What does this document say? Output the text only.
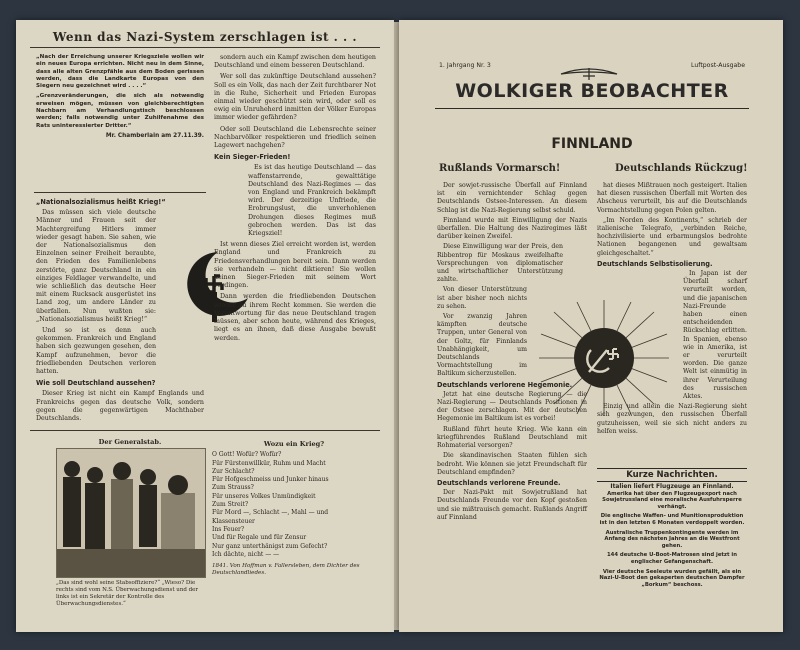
Wenn das Nazi-System zerschlagen ist . . .

„Nach der Erreichung unserer Kriegsziele wollen wir ein neues Europa errichten. Nicht neu in dem Sinne, dass alle alten Grenzpfähle aus dem Boden gerissen werden, dass die Landkarte Europas von den Siegern neu gezeichnet wird . . . .“

„Grenzveränderungen, die sich als notwendig erweisen mögen, müssen von gleichberechtigten Nachbarn am Verhandlungstisch beschlossen werden; falls notwendig unter Zuhilfenahme des Rats uninteressierter Dritter.“

Mr. Chamberlain am 27.11.39.

„Nationalsozialismus heißt Krieg!“

Das müssen sich viele deutsche Männer und Frauen seit der Machtergreifung Hitlers immer wieder gesagt haben. Sie sahen, wie der Nationalsozialismus den Einzelnen seiner Freiheit beraubte, den Frieden des Familienlebens zerstörte, ganz Deutschland in ein einziges Feldlager verwandelte, und wie schließlich das deutsche Heer mit einem Rucksack ausgerüstet ins Land zog, um andere Länder zu überfallen. Nun wußten sie: „Nationalsozialismus heißt Krieg!“

Und so ist es denn auch gekommen. Frankreich und England haben sich gezwungen gesehen, den Kampf aufzunehmen, bevor die friedliebenden Deutschen verloren hatten.

Wie soll Deutschland aussehen?

Dieser Krieg ist nicht ein Kampf Englands und Frankreichs gegen das deutsche Volk, sondern gegen die gegenwärtigen Machthaber Deutschlands.

sondern auch ein Kampf zwischen dem heutigen Deutschland und einem besseren Deutschland.

Wer soll das zukünftige Deutschland aussehen? Soll es ein Volk, das nach der Zeit furchtbarer Not in die Ruhe, Sicherheit und Frieden Europas einmal wieder geschützt sein wird, oder soll es ewig ein Unruheherd inmitten der Völker Europas immer wieder gefährden?

Oder soll Deutschland die Lebensrechte seiner Nachbarvölker respektieren und friedlich seinen Lagewert nachgehen?

Kein Sieger-Frieden!

Es ist das heutige Deutschland — das waffenstarrende, gewalttätige Deutschland des Nazi-Regimes — das von England und Frankreich bekämpft wird. Der derzeitige Unfriede, die Erobrungslust, die unverhohlenen Drohungen dieses Regimes muß gebrochen werden. Das ist das Kriegsziel!

Ist wenn dieses Ziel erreicht worden ist, werden England und Frankreich zu Friedensverhandlungen bereit sein. Dann werden sie verhandeln — nicht diktieren! Sie wollen keinen Sieger-Frieden mit seinem Wort verdingen.

Dann werden die friedliebenden Deutschen wieder zu ihrem Recht kommen. Sie werden die Verantwortung für das neue Deutschland tragen müssen, aber schon heute, während des Krieges, liegt es an ihnen, daß diese Ausgabe bewußt werden.

Der Generalstab.
„Das sind wohl seine Stabsoffiziere?“ „Wieso? Die rechts sind vom N.S. Überwachungsdienst und der links ist ein Sekretär der Kontrolle des Überwachungsdienstes.“
Wozu ein Krieg?
O Gott! Wofür? Wofür?
Für Fürstenwillkür, Ruhm und Macht
Zur Schlacht?
Für Hofgeschmeiss und Junker hinaus
Zum Strauss?
Für unseres Volkes Unmündigkeit
Zum Streit?
Für Mord —, Schlacht —, Mahl — und
Klassensteuer
Ins Feuer?
Und für Regale und für Zensur
Nur ganz unterthänigst zum Gefecht?
Ich dächte, nicht — —
1841. Von Hoffman v. Fallersleben, dem Dichter des Deutschlandliedes.
1. Jahrgang Nr. 3	Luftpost-Ausgabe
WOLKIGER BEOBACHTER
FINNLAND
Rußlands Vormarsch!	Deutschlands Rückzug!

Der sowjet-russische Überfall auf Finnland ist ein vernichtender Schlag gegen Deutschlands Ostsee-Interessen. An diesem Schlag ist die Nazi-Regierung selbst schuld.

Finnland wurde mit Einwilligung der Nazis überfallen. Die Haltung des Naziregimes läßt darüber keinen Zweifel.

Diese Einwilligung war der Preis, den Ribbentrop für Moskaus zweifelhafte Versprechungen von diplomatischer und wirtschaftlicher Unterstützung zahlte.

Von dieser Unterstützung ist aber bisher noch nichts zu sehen.

Vor zwanzig Jahren kämpften deutsche Truppen, unter General von der Goltz, für Finnlands Unabhängigkeit, um Deutschlands Vormachtstellung im Baltikum sicherzustellen.

Deutschlands verlorene Hegemonie.

Jetzt hat eine deutsche Regierung — die Nazi-Regierung — Deutschlands Positionen in der Ostsee zerschlagen. Mit der deutschen Hegemonie im Baltikum ist es vorbei!

Rußland führt heute Krieg. Wie kann ein kriegführendes Rußland Deutschland mit Rohmaterial versorgen?

Die skandinavischen Staaten fühlen sich bedroht. Wie können sie jetzt Freundschaft für Deutschland empfinden?

Deutschlands verlorene Freunde.

Der Nazi-Pakt mit Sowjetrußland hat Deutschlands Freunde vor den Kopf gestoßen und sie mißtrauisch gemacht. Rußlands Angriff auf Finnland

hat dieses Mißtrauen noch gesteigert. Italien hat diesen russischen Überfall mit Worten des Abscheus verurteilt, bis auf die Deutschlands Vormachtstellung gegen Polen gelten.

„Im Norden des Kontinents,“ schrieb der italienische Telegrafo, „verbinden Reiche, hochzivilisierte und erbarmungslos bedrohte Nationen begangenen und gewaltsam gleichgeschaltet.“

Deutschlands Selbstisolierung.

In Japan ist der Überfall scharf verurteilt worden, und die japanischen Nazi-Freunde haben einen entscheidenden Rückschlag erlitten. In Spanien, ebenso wie in Amerika, ist er verurteilt worden. Die ganze Welt ist einmütig in ihrer Verurteilung des russischen Aktes.

Einzig und allein die Nazi-Regierung sieht sich gezwungen, den russischen Überfall gutzuheissen, weil sie sich nicht anders zu helfen weiss.

Kurze Nachrichten.
Italien liefert Flugzeuge an Finnland.
Amerika hat über den Flugzeugexport nach Sowjetrussland eine moralische Ausfuhrsperre verhängt.
Die englische Waffen- und Munitionsproduktion ist in den letzten 6 Monaten verdoppelt worden.
Australische Truppenkontingente werden im Anfang des nächsten Jahres an die Westfront gehen.
144 deutsche U-Boot-Matrosen sind jetzt in englischer Gefangenschaft.
Vier deutsche Seeleute wurden gefällt, als ein Nazi-U-Boot den gekaperten deutschen Dampfer „Borkum“ beschoss.
